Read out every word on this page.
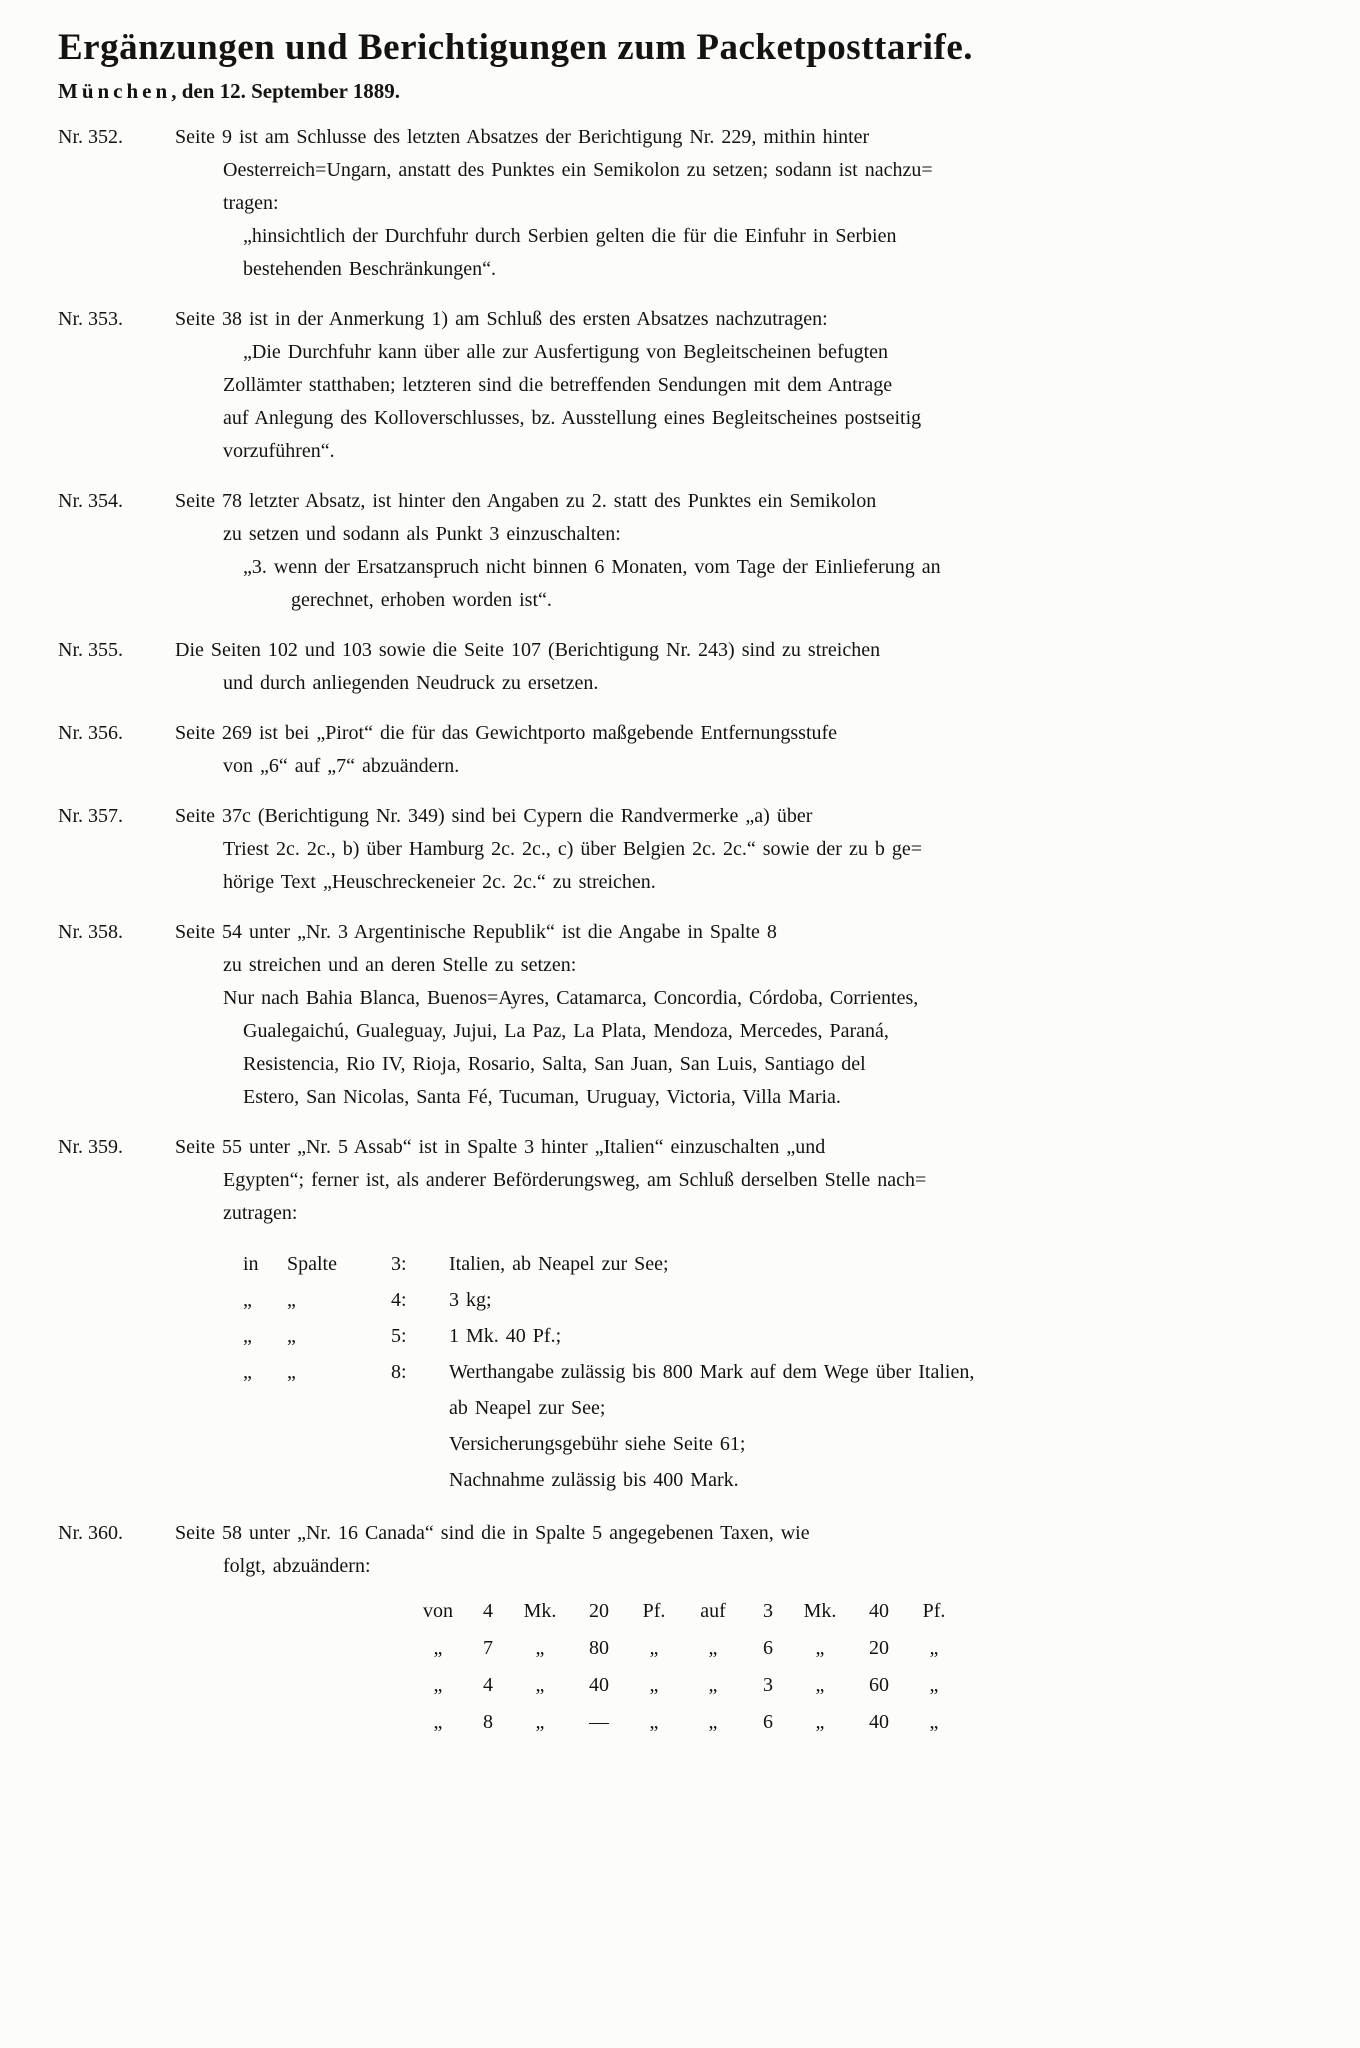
Ergänzungen und Berichtigungen zum Packetposttarife.
München, den 12. September 1889.
Nr. 352.	Seite 9 ist am Schlusse des letzten Absatzes der Berichtigung Nr. 229, mithin hinter
Oesterreich=Ungarn, anstatt des Punktes ein Semikolon zu setzen; sodann ist nachzu=
tragen:
„hinsichtlich der Durchfuhr durch Serbien gelten die für die Einfuhr in Serbien
bestehenden Beschränkungen“.
Nr. 353.	Seite 38 ist in der Anmerkung 1) am Schluß des ersten Absatzes nachzutragen:
„Die Durchfuhr kann über alle zur Ausfertigung von Begleitscheinen befugten
Zollämter statthaben; letzteren sind die betreffenden Sendungen mit dem Antrage
auf Anlegung des Kolloverschlusses, bz. Ausstellung eines Begleitscheines postseitig
vorzuführen“.
Nr. 354.	Seite 78 letzter Absatz, ist hinter den Angaben zu 2. statt des Punktes ein Semikolon
zu setzen und sodann als Punkt 3 einzuschalten:
„3. wenn der Ersatzanspruch nicht binnen 6 Monaten, vom Tage der Einlieferung an
gerechnet, erhoben worden ist“.
Nr. 355.	Die Seiten 102 und 103 sowie die Seite 107 (Berichtigung Nr. 243) sind zu streichen
und durch anliegenden Neudruck zu ersetzen.
Nr. 356.	Seite 269 ist bei „Pirot“ die für das Gewichtporto maßgebende Entfernungsstufe
von „6“ auf „7“ abzuändern.
Nr. 357.	Seite 37c (Berichtigung Nr. 349) sind bei Cypern die Randvermerke „a) über
Triest 2c. 2c., b) über Hamburg 2c. 2c., c) über Belgien 2c. 2c.“ sowie der zu b ge=
hörige Text „Heuschreckeneier 2c. 2c.“ zu streichen.
Nr. 358.	Seite 54 unter „Nr. 3 Argentinische Republik“ ist die Angabe in Spalte 8
zu streichen und an deren Stelle zu setzen:
Nur nach Bahia Blanca, Buenos=Ayres, Catamarca, Concordia, Córdoba, Corrientes,
Gualegaichú, Gualeguay, Jujui, La Paz, La Plata, Mendoza, Mercedes, Paraná,
Resistencia, Rio IV, Rioja, Rosario, Salta, San Juan, San Luis, Santiago del
Estero, San Nicolas, Santa Fé, Tucuman, Uruguay, Victoria, Villa Maria.
Nr. 359.	Seite 55 unter „Nr. 5 Assab“ ist in Spalte 3 hinter „Italien“ einzuschalten „und
Egypten“; ferner ist, als anderer Beförderungsweg, am Schluß derselben Stelle nach=
zutragen:
in	Spalte	3:	Italien, ab Neapel zur See;
„	„	4:	3 kg;
„	„	5:	1 Mk. 40 Pf.;
„	„	8:	Werthangabe zulässig bis 800 Mark auf dem Wege über Italien,
ab Neapel zur See;
Versicherungsgebühr siehe Seite 61;
Nachnahme zulässig bis 400 Mark.
Nr. 360.	Seite 58 unter „Nr. 16 Canada“ sind die in Spalte 5 angegebenen Taxen, wie
folgt, abzuändern:
von	4	Mk.	20	Pf.	auf	3	Mk.	40	Pf.
„	7	„	80	„	„	6	„	20	„
„	4	„	40	„	„	3	„	60	„
„	8	„	—	„	„	6	„	40	„
